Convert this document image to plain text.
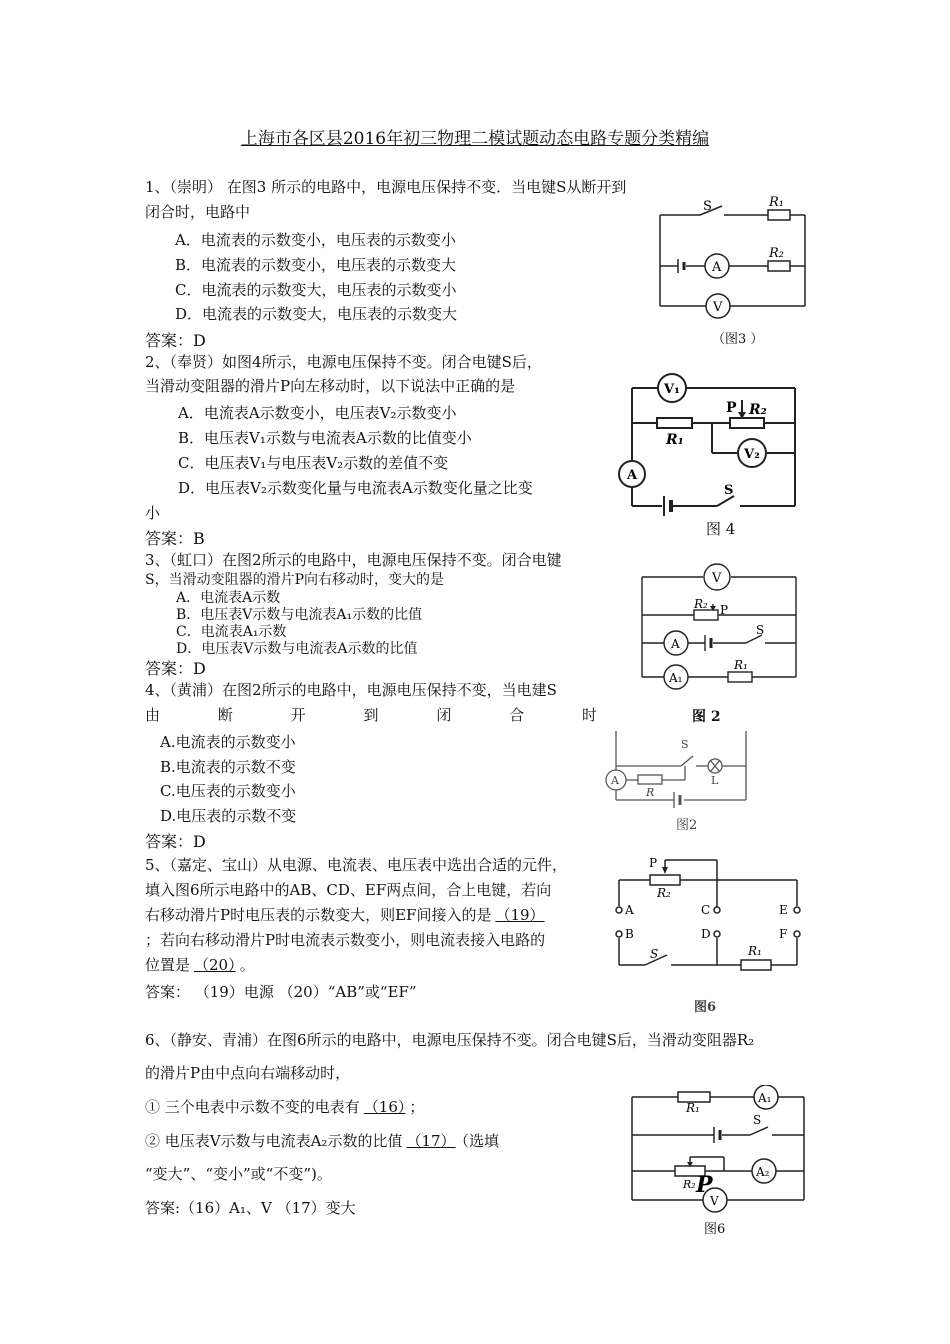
上海市各区县2016年初三物理二模试题动态电路专题分类精编
1、（崇明） 在图3 所示的电路中，电源电压保持不变．当电键S从断开到
闭合时，电路中
A．电流表的示数变小，电压表的示数变小
B．电流表的示数变小，电压表的示数变大
C．电流表的示数变大，电压表的示数变小
D．电流表的示数变大，电压表的示数变大
答案：D
S	R₁
R₂
A
V
（图3 ）
2、（奉贤）如图4所示，电源电压保持不变。闭合电键S后，
当滑动变阻器的滑片P向左移动时，以下说法中正确的是
A．电流表A示数变小，电压表V₂示数变小
B．电压表V₁示数与电流表A示数的比值变小
C．电压表V₁与电压表V₂示数的差值不变
D．电压表V₂示数变化量与电流表A示数变化量之比变
小
答案：B
V₁
V₂
P R₂
R₁
A
S
图 4
3、（虹口）在图2所示的电路中，电源电压保持不变。闭合电键
S，当滑动变阻器的滑片P向右移动时，变大的是
A．电流表A示数
B．电压表V示数与电流表A₁示数的比值
C．电流表A₁示数
D．电压表V示数与电流表A示数的比值
答案：D
V
R₂ P
A
S
A₁
R₁
图 2
4、（黄浦）在图2所示的电路中，电源电压保持不变，当电建S
由	断	开	到	闭	合	时
A.电流表的示数变小
B.电流表的示数不变
C.电压表的示数变小
D.电压表的示数不变
答案：D
S
A
R
L
图2
5、（嘉定、宝山）从电源、电流表、电压表中选出合适的元件，
填入图6所示电路中的AB、CD、EF两点间，合上电键，若向
右移动滑片P时电压表的示数变大，则EF间接入的是 （19）
；若向右移动滑片P时电流表示数变小，则电流表接入电路的
位置是 （20） 。
答案： （19）电源 （20）“AB”或“EF”
P
R₂
A
B
C
D
E
F
S	R₁
图6
6、（静安、青浦）在图6所示的电路中，电源电压保持不变。闭合电键S后，当滑动变阻器R₂
的滑片P由中点向右端移动时，
① 三个电表中示数不变的电表有 （16） ；
② 电压表V示数与电流表A₂示数的比值 （17） （选填
“变大”、“变小”或“不变”)。
答案:（16）A₁、V （17）变大
R₁
A₁
S
A₂
R₂ P
V
图6
